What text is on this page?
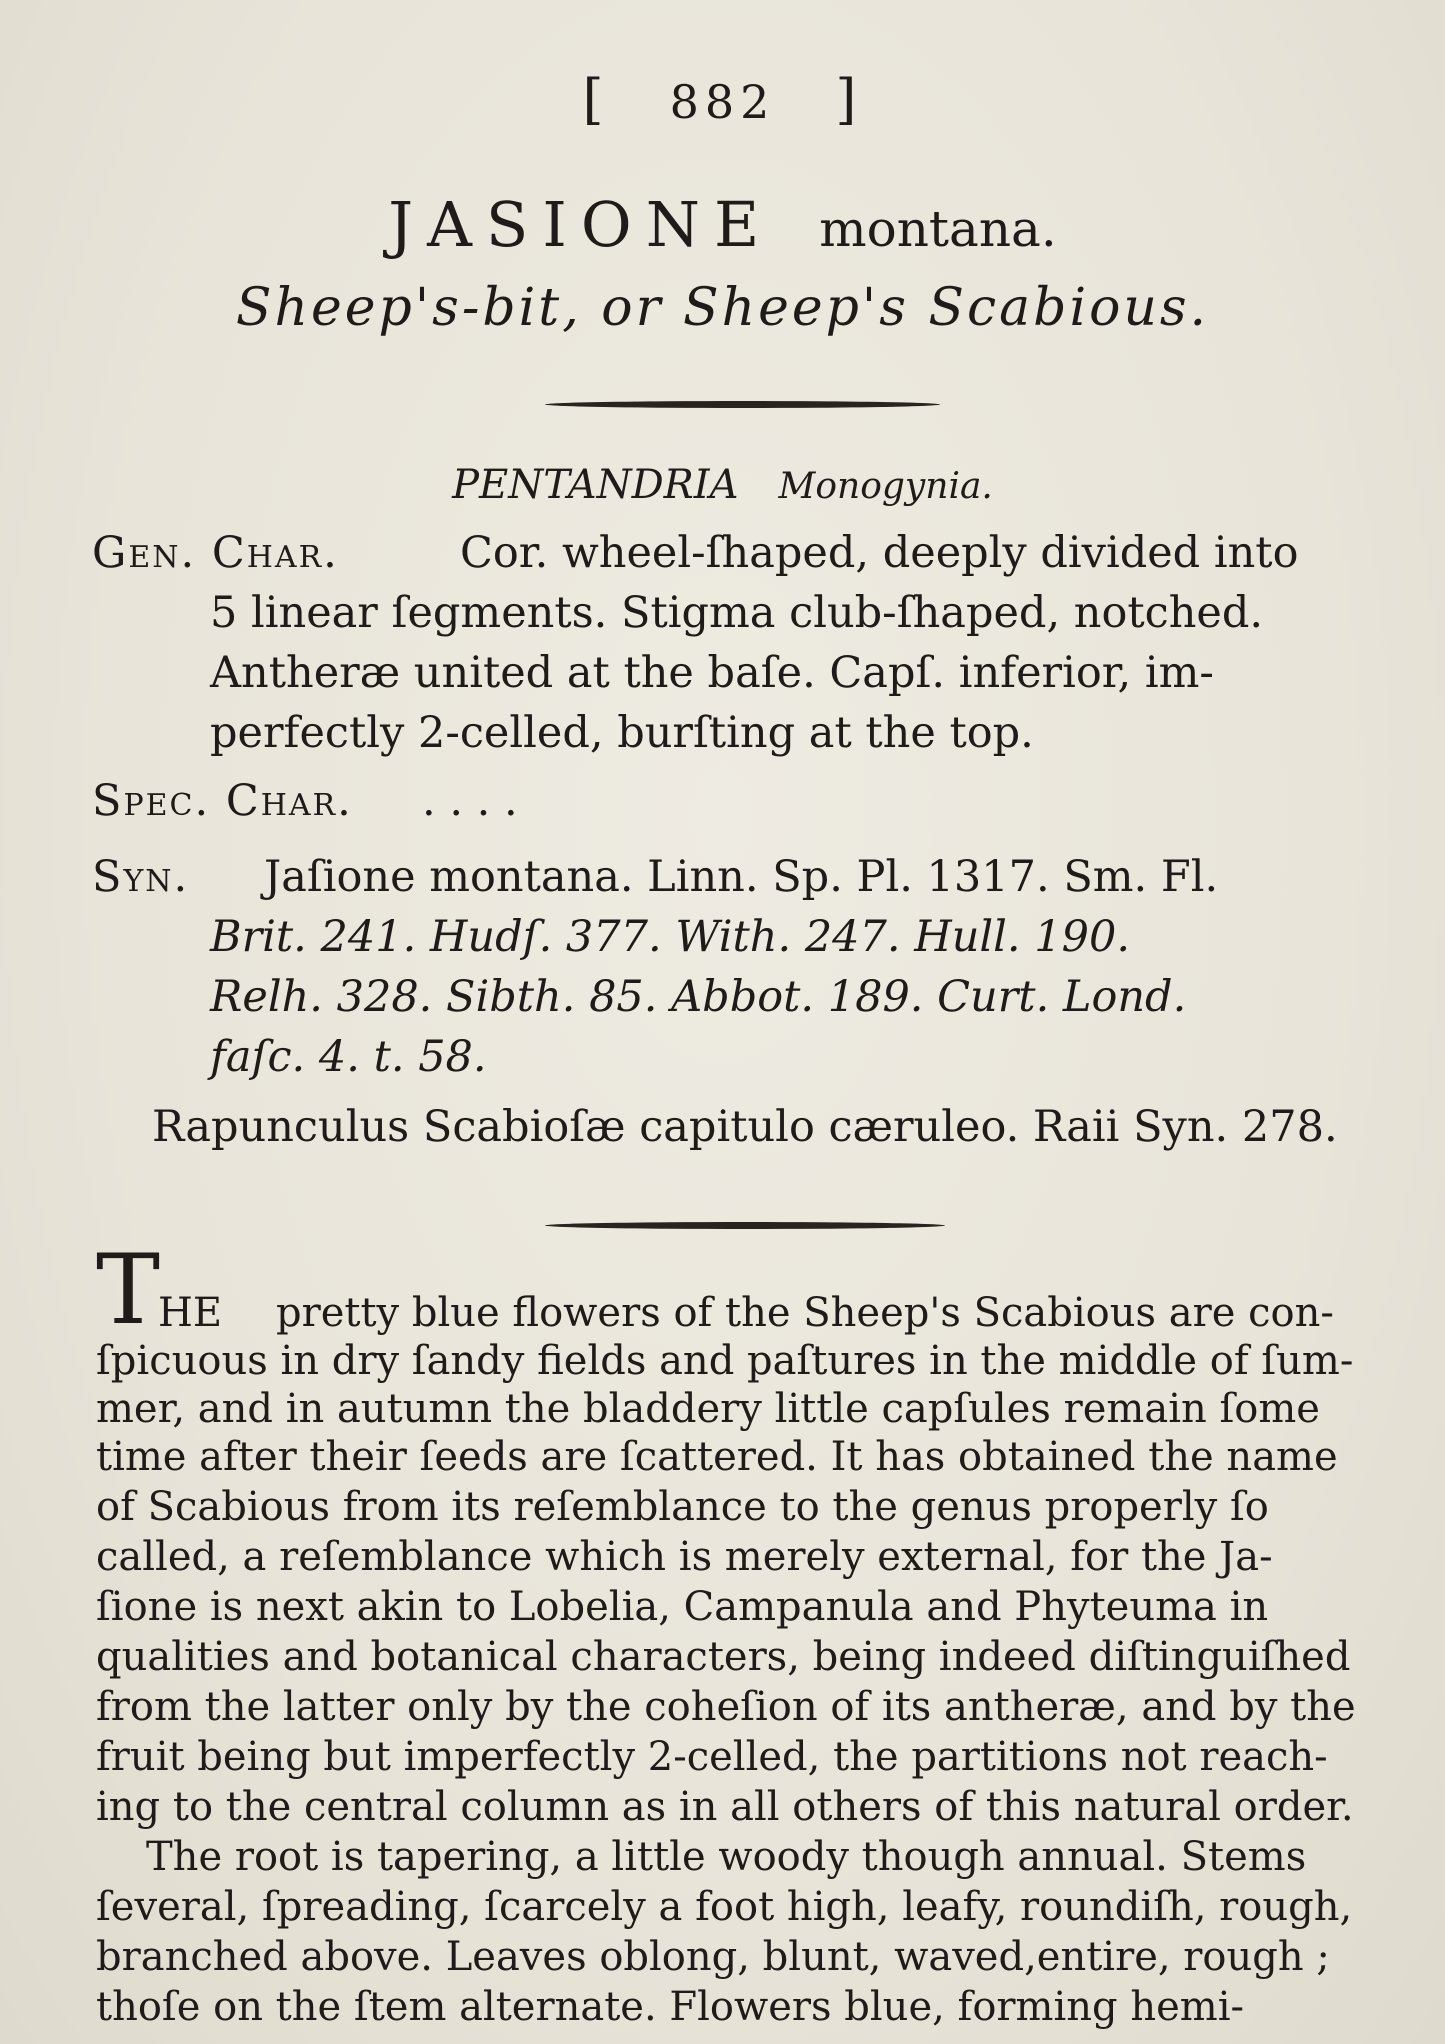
[ 882 ]
JASIONE montana.
Sheep's-bit, or Sheep's Scabious.
PENTANDRIA Monogynia.
Gen. Char.	Cor. wheel-ſhaped, deeply divided into
5 linear ſegments. Stigma club-ſhaped, notched.
Antheræ united at the baſe. Capſ. inferior, im-
perfectly 2-celled, burſting at the top.
Spec. Char. . . . .
Syn. Jaſione montana. Linn. Sp. Pl. 1317. Sm. Fl.
Brit. 241. Hudſ. 377. With. 247. Hull. 190.
Relh. 328. Sibth. 85. Abbot. 189. Curt. Lond.
faſc. 4. t. 58.
Rapunculus Scabioſæ capitulo cæruleo. Raii Syn. 278.
T
HE pretty blue flowers of the Sheep's Scabious are con-
ſpicuous in dry ſandy fields and paſtures in the middle of ſum-
mer, and in autumn the bladdery little capſules remain ſome
time after their ſeeds are ſcattered. It has obtained the name
of Scabious from its reſemblance to the genus properly ſo
called, a reſemblance which is merely external, for the Ja-
ſione is next akin to Lobelia, Campanula and Phyteuma in
qualities and botanical characters, being indeed diſtinguiſhed
from the latter only by the coheſion of its antheræ, and by the
fruit being but imperfectly 2-celled, the partitions not reach-
ing to the central column as in all others of this natural order.
The root is tapering, a little woody though annual. Stems
ſeveral, ſpreading, ſcarcely a foot high, leafy, roundiſh, rough,
branched above. Leaves oblong, blunt, waved,entire, rough ;
thoſe on the ſtem alternate. Flowers blue, forming hemi-
